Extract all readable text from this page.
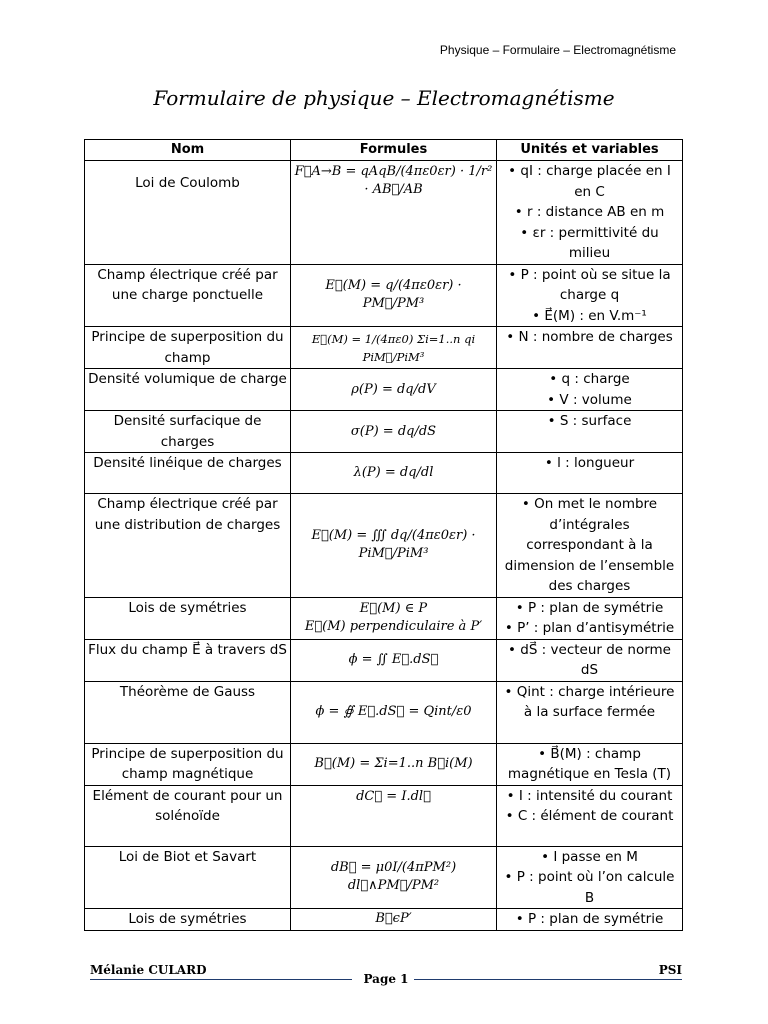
Physique – Formulaire – Electromagnétisme
Formulaire de physique – Electromagnétisme
Nom	Formules	Unités et variables
Loi de Coulomb	F⃗A→B = qAqB/(4πε0εr) · 1/r² · AB⃗/AB	• qI : charge placée en I en C
• r : distance AB en m
• εr : permittivité du milieu

Champ électrique créé par une charge ponctuelle	E⃗(M) = q/(4πε0εr) · PM⃗/PM³	• P : point où se situe la charge q
• E⃗(M) : en V.m⁻¹

Principe de superposition du champ	E⃗(M) = 1/(4πε0) Σi=1..n qi PiM⃗/PiM³	• N : nombre de charges

Densité volumique de charge	ρ(P) = dq/dV	• q : charge
• V : volume

Densité surfacique de charges	σ(P) = dq/dS	• S : surface

Densité linéique de charges	λ(P) = dq/dl	• l : longueur

Champ électrique créé par une distribution de charges	E⃗(M) = ∭ dq/(4πε0εr) · PiM⃗/PiM³	• On met le nombre d’intégrales correspondant à la dimension de l’ensemble des charges

Lois de symétries	E⃗(M) ∈ P
E⃗(M) perpendiculaire à P′	• P : plan de symétrie
• P’ : plan d’antisymétrie

Flux du champ E⃗ à travers dS	ϕ = ∬ E⃗.dS⃗	• dS⃗ : vecteur de norme dS

Théorème de Gauss	ϕ = ∯ E⃗.dS⃗ = Qint/ε0	• Qint : charge intérieure à la surface fermée

Principe de superposition du champ magnétique	B⃗(M) = Σi=1..n B⃗i(M)	• B⃗(M) : champ magnétique en Tesla (T)

Elément de courant pour un solénoïde	dC⃗ = I.dl⃗	• I : intensité du courant
• C : élément de courant

Loi de Biot et Savart	dB⃗ = μ0I/(4πPM²) dl⃗∧PM⃗/PM²	• I passe en M
• P : point où l’on calcule B

Lois de symétries	B⃗ϵP′	• P : plan de symétrie
Mélanie CULARD
Page 1
PSI
